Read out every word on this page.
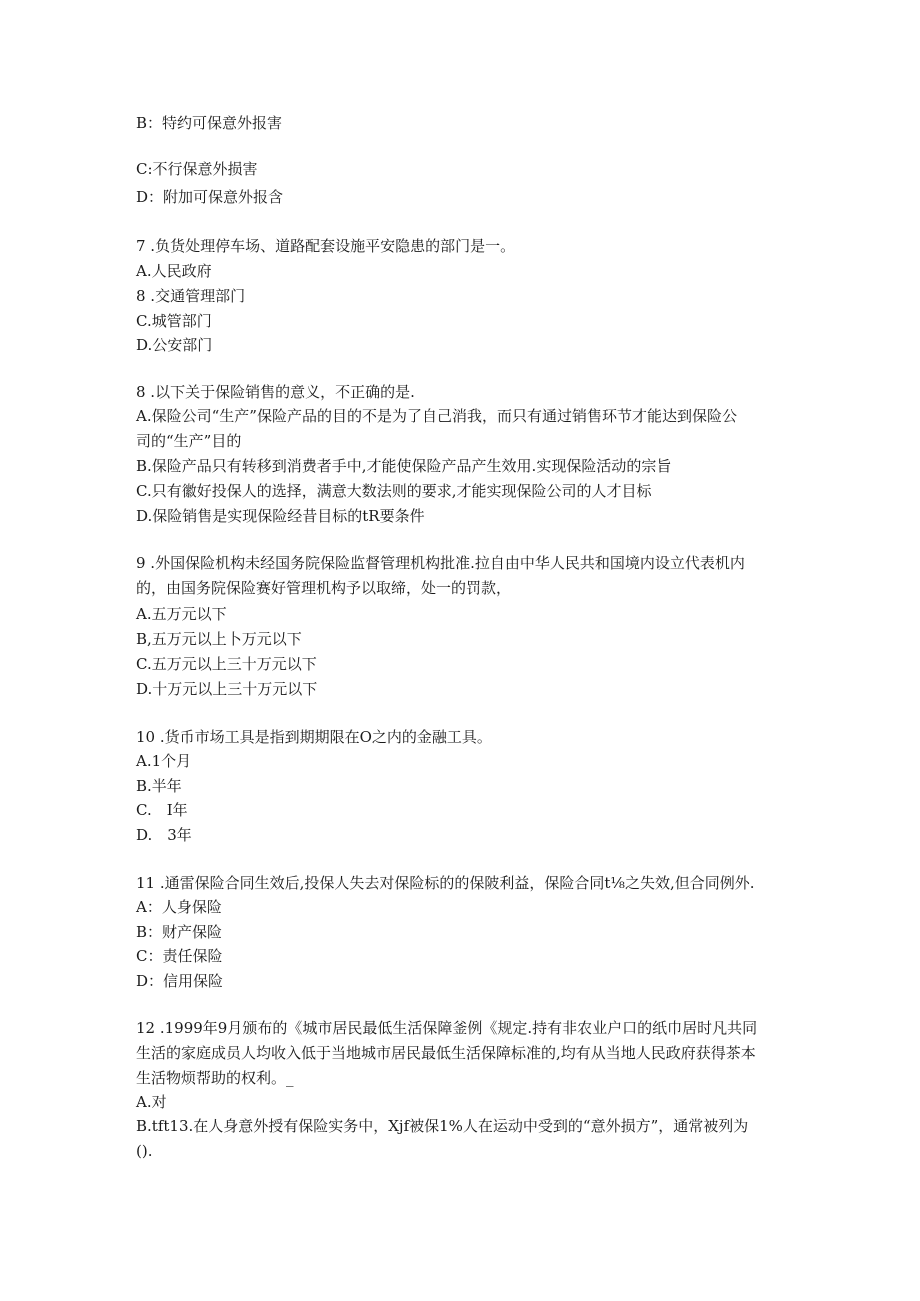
B：特约可保意外报害
C:不行保意外损害
D：附加可保意外报含
7 .负货处理停车场、道路配套设施平安隐患的部门是一。
A.人民政府
8 .交通管理部门
C.城管部门
D.公安部门
8 .以下关于保险销售的意义，不正确的是.
A.保险公司“生产”保险产品的目的不是为了自己消我，而只有通过销售环节才能达到保险公
司的“生产”目的
B.保险产品只有转移到消费者手中,才能使保险产品产生效用.实现保险活动的宗旨
C.只有徽好投保人的选择，满意大数法则的要求,才能实现保险公司的人才目标
D.保险销售是实现保险经昔目标的tR要条件
9 .外国保险机构未经国务院保险监督管理机构批准.拉自由中华人民共和国境内设立代表机内
的，由国务院保险赛好管理机构予以取缔，处一的罚款，
A.五万元以下
B,五万元以上卜万元以下
C.五万元以上三十万元以下
D.十万元以上三十万元以下
10 .货币市场工具是指到期期限在O之内的金融工具。
A.1个月
B.半年
C.　I年
D.　3年
11 .通雷保险合同生效后,投保人失去对保险标的的保陂利益，保险合同t⅛之失效,但合同例外.
A：人身保险
B：财产保险
C：责任保险
D：信用保险
12 .1999年9月颁布的《城市居民最低生活保障釜例《规定.持有非农业户口的纸巾居时凡共同
生活的家庭成员人均收入低于当地城市居民最低生活保障标准的,均有从当地人民政府获得茶本
生活物烦帮助的权利。_
A.对
B.tft13.在人身意外授有保险实务中，Xjf被保1%人在运动中受到的“意外损方”，通常被列为
().
